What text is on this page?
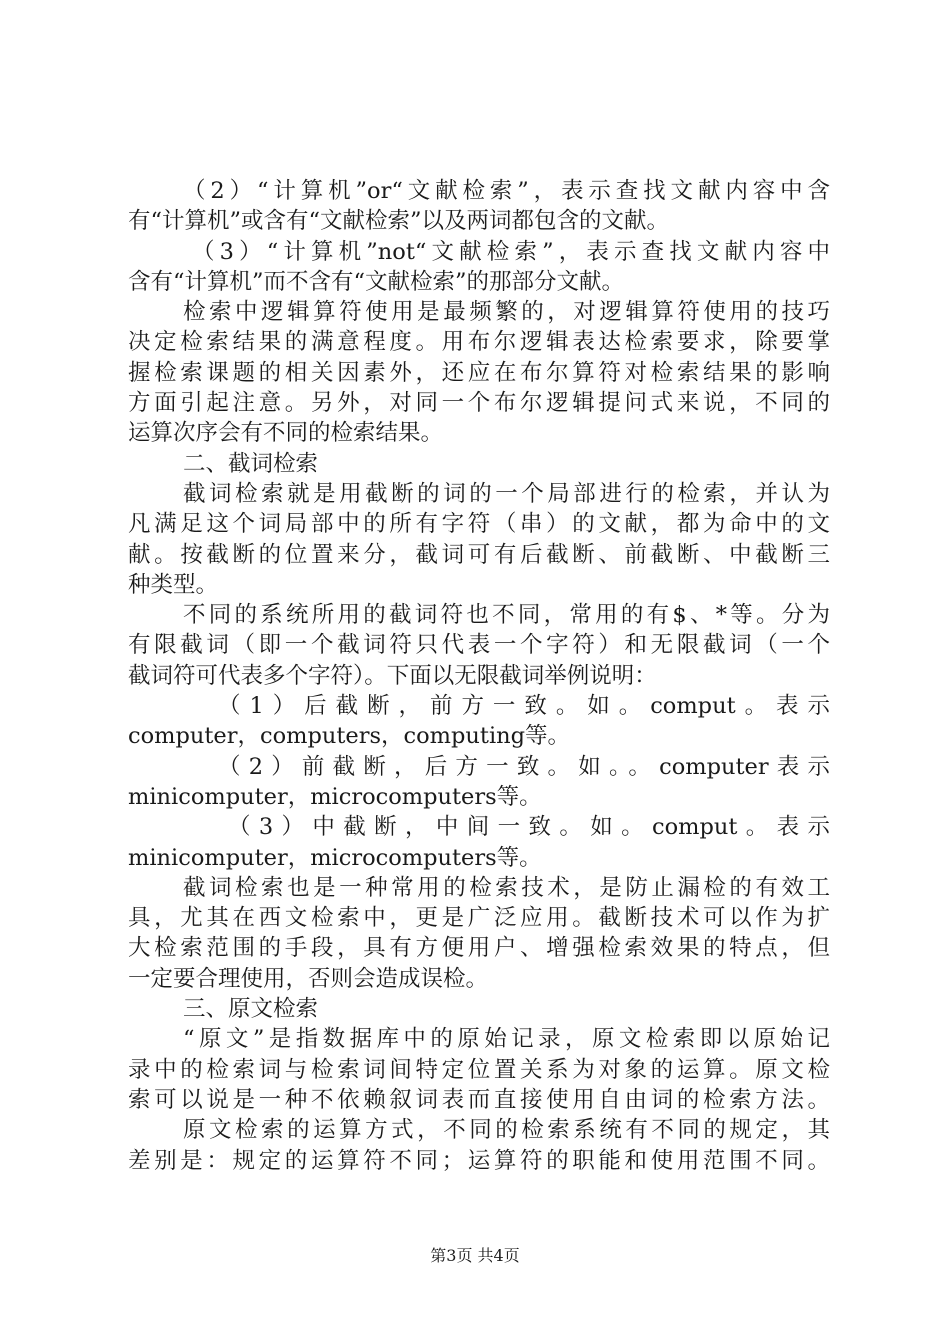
（2）“计算机”or“文献检索”，表示查找文献内容中含
有“计算机”或含有“文献检索”以及两词都包含的文献。
（3）“计算机”not“文献检索”，表示查找文献内容中
含有“计算机”而不含有“文献检索”的那部分文献。
检索中逻辑算符使用是最频繁的，对逻辑算符使用的技巧
决定检索结果的满意程度。用布尔逻辑表达检索要求，除要掌
握检索课题的相关因素外，还应在布尔算符对检索结果的影响
方面引起注意。另外，对同一个布尔逻辑提问式来说，不同的
运算次序会有不同的检索结果。
二、截词检索
截词检索就是用截断的词的一个局部进行的检索，并认为
凡满足这个词局部中的所有字符（串）的文献，都为命中的文
献。按截断的位置来分，截词可有后截断、前截断、中截断三
种类型。
不同的系统所用的截词符也不同，常用的有$、*等。分为
有限截词（即一个截词符只代表一个字符）和无限截词（一个
截词符可代表多个字符）。下面以无限截词举例说明：
（1）后截断，前方一致。如。comput。表示
computer，computers，computing等。
（2）前截断，后方一致。如。。computer表示
minicomputer，microcomputers等。
（3）中截断，中间一致。如。comput。表示
minicomputer，microcomputers等。
截词检索也是一种常用的检索技术，是防止漏检的有效工
具，尤其在西文检索中，更是广泛应用。截断技术可以作为扩
大检索范围的手段，具有方便用户、增强检索效果的特点，但
一定要合理使用，否则会造成误检。
三、原文检索
“原文”是指数据库中的原始记录，原文检索即以原始记
录中的检索词与检索词间特定位置关系为对象的运算。原文检
索可以说是一种不依赖叙词表而直接使用自由词的检索方法。
原文检索的运算方式，不同的检索系统有不同的规定，其
差别是：规定的运算符不同；运算符的职能和使用范围不同。
第3页 共4页
